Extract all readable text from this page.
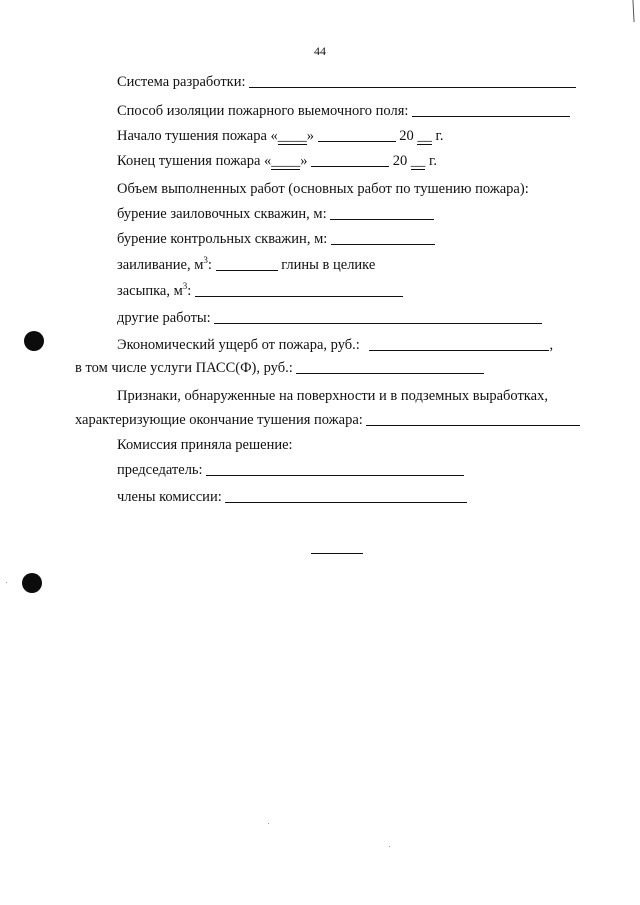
44
Система разработки:
Способ изоляции пожарного выемочного поля:
Начало тушения пожара «____»	20 __ г.
Конец тушения пожара «____»	20 __ г.
Объем выполненных работ (основных работ по тушению пожара):
бурение заиловочных скважин, м:
бурение контрольных скважин, м:
заиливание, $м^3$:	глины в целике
засыпка, $м^3$:
другие работы:
Экономический ущерб от пожара, руб.:	,
в том числе услуги ПАСС(Ф), руб.:
Признаки, обнаруженные на поверхности и в подземных выработках,
характеризующие окончание тушения пожара:
Комиссия приняла решение:
председатель:
члены комиссии:
